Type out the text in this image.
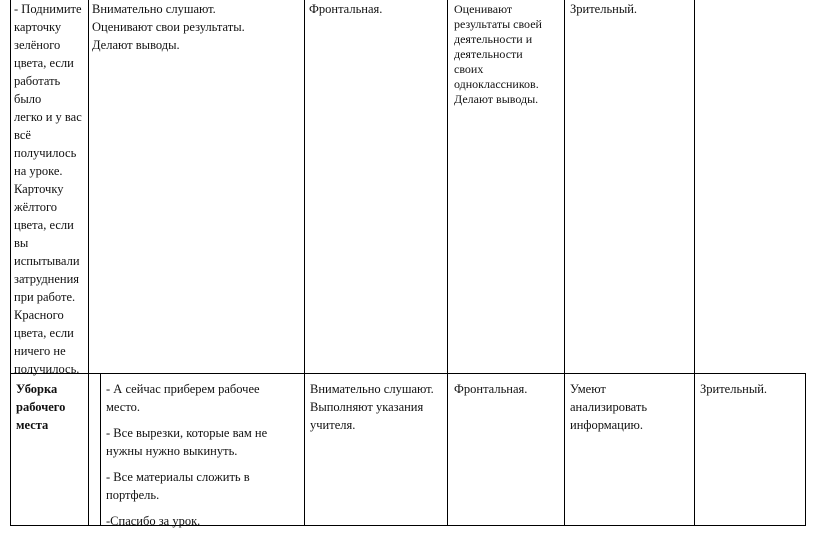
- Поднимите
карточку
зелёного
цвета, если
работать было
легко и у вас
всё
получилось
на уроке.
Карточку
жёлтого
цвета, если вы
испытывали
затруднения
при работе.
Красного
цвета, если
ничего не
получилось.
Внимательно слушают.
Оценивают свои результаты.
Делают выводы.
Фронтальная.	Оценивают
результаты своей
деятельности и
деятельности
своих
одноклассников.
Делают выводы.
Зрительный.
Уборка
рабочего
места

- А сейчас приберем рабочее
место.

- Все вырезки, которые вам не
нужны нужно выкинуть.

- Все материалы сложить в
портфель.

-Спасибо за урок.

Внимательно слушают.
Выполняют указания
учителя.
Фронтальная.	Умеют
анализировать
информацию.
Зрительный.
